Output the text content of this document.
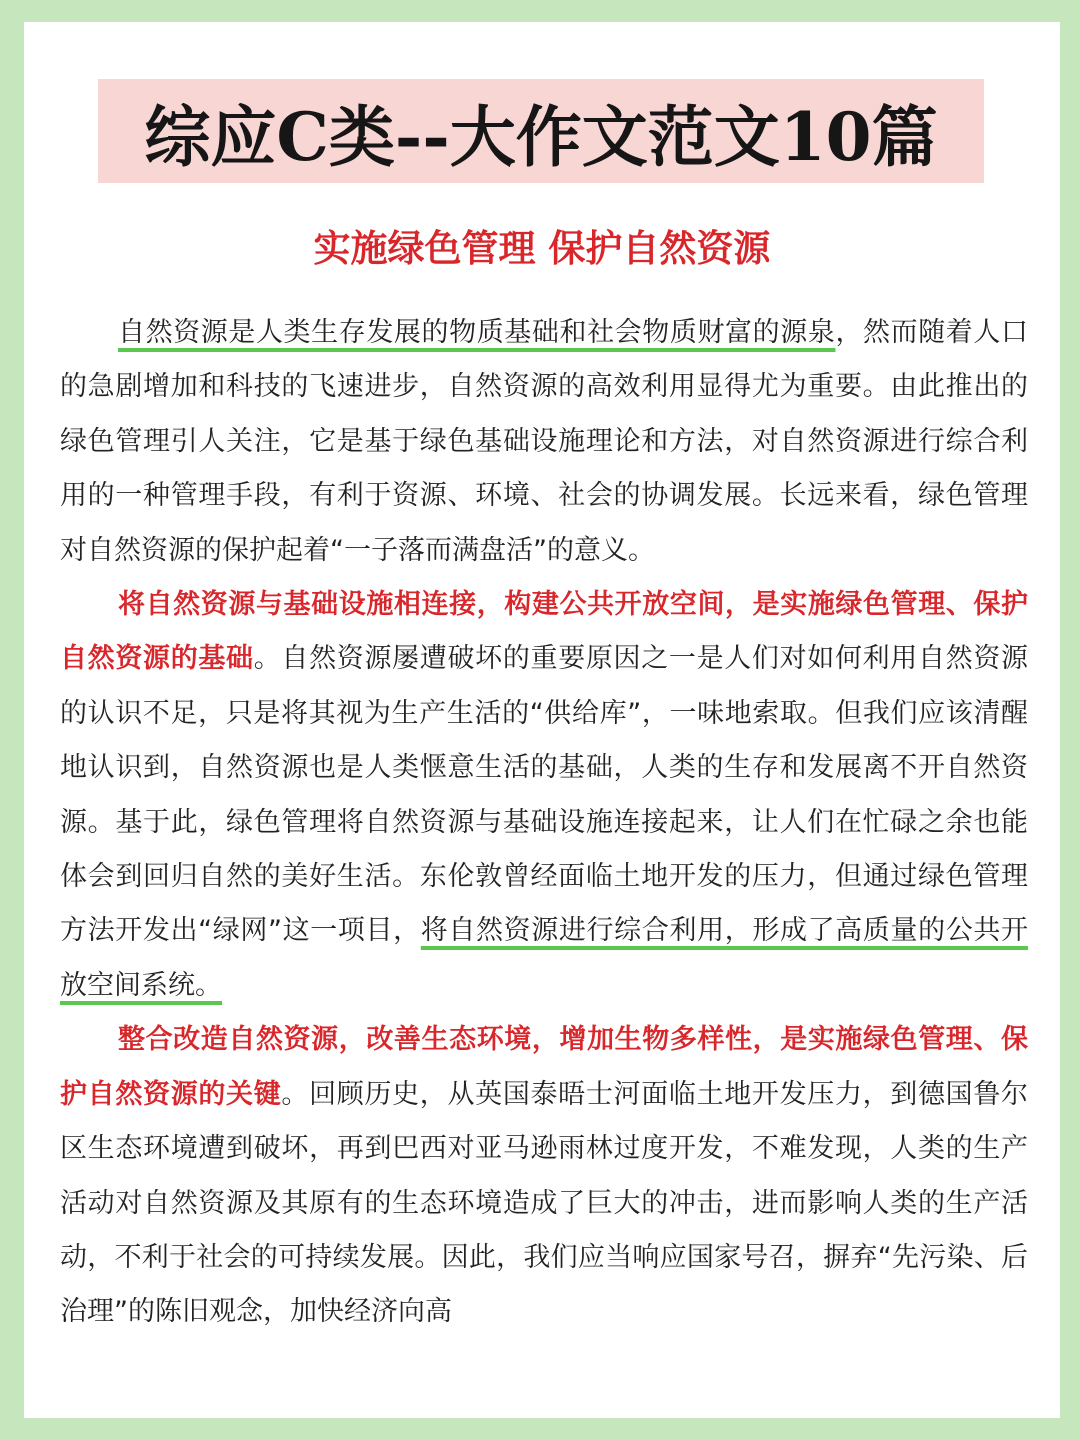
综应C类--大作文范文10篇
实施绿色管理 保护自然资源

自然资源是人类生存发展的物质基础和社会物质财富的源泉，然而随着人口的急剧增加和科技的飞速进步，自然资源的高效利用显得尤为重要。由此推出的绿色管理引人关注，它是基于绿色基础设施理论和方法，对自然资源进行综合利用的一种管理手段，有利于资源、环境、社会的协调发展。长远来看，绿色管理对自然资源的保护起着“一子落而满盘活”的意义。

将自然资源与基础设施相连接，构建公共开放空间，是实施绿色管理、保护自然资源的基础。自然资源屡遭破坏的重要原因之一是人们对如何利用自然资源的认识不足，只是将其视为生产生活的“供给库”，一味地索取。但我们应该清醒地认识到，自然资源也是人类惬意生活的基础，人类的生存和发展离不开自然资源。基于此，绿色管理将自然资源与基础设施连接起来，让人们在忙碌之余也能体会到回归自然的美好生活。东伦敦曾经面临土地开发的压力，但通过绿色管理方法开发出“绿网”这一项目，将自然资源进行综合利用，形成了高质量的公共开放空间系统。

整合改造自然资源，改善生态环境，增加生物多样性，是实施绿色管理、保护自然资源的关键。回顾历史，从英国泰晤士河面临土地开发压力，到德国鲁尔区生态环境遭到破坏，再到巴西对亚马逊雨林过度开发，不难发现，人类的生产活动对自然资源及其原有的生态环境造成了巨大的冲击，进而影响人类的生产活动，不利于社会的可持续发展。因此，我们应当响应国家号召，摒弃“先污染、后治理”的陈旧观念，加快经济向高
